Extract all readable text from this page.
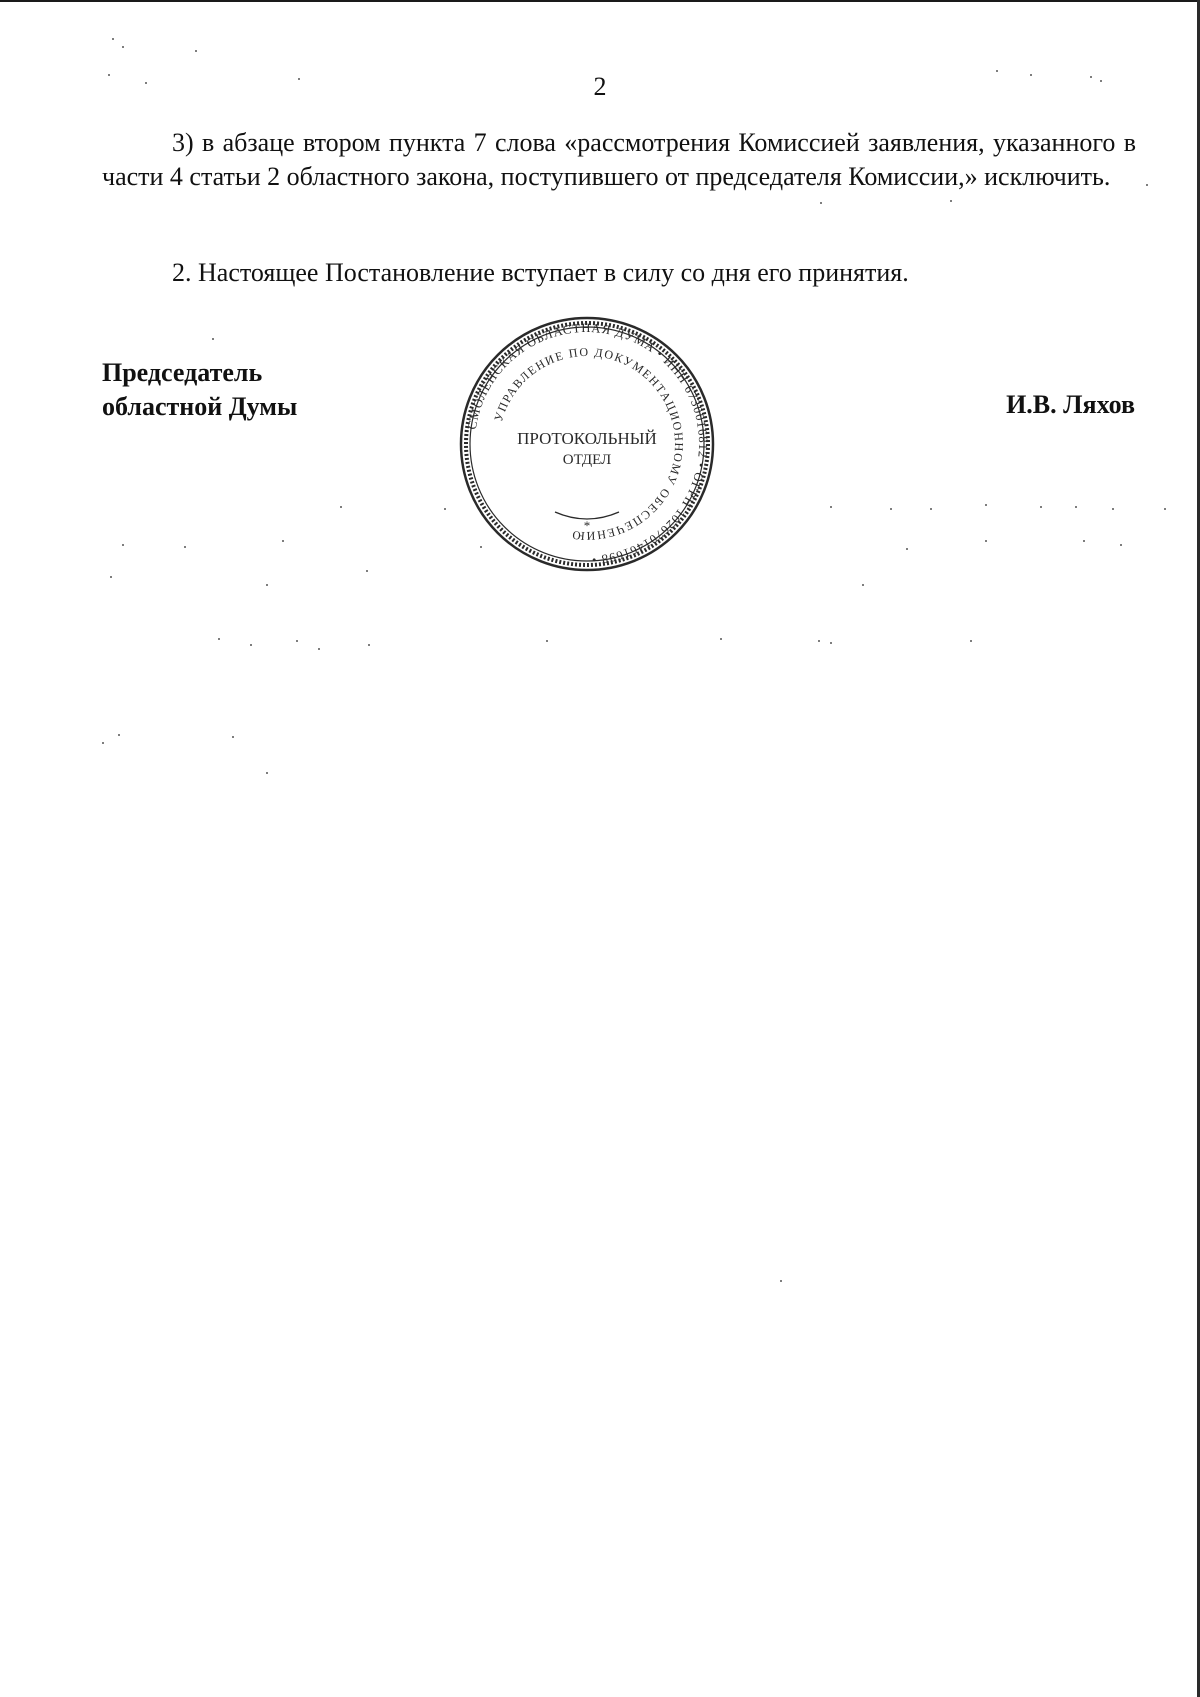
2

3) в абзаце втором пункта 7 слова «рассмотрения Комиссией заявления, указанного в части 4 статьи 2 областного закона, поступившего от председателя Комиссии,» исключить.

2. Настоящее Постановление вступает в силу со дня его принятия.

Председатель
областной Думы	И.В. Ляхов
СМОЛЕНСКАЯ ОБЛАСТНАЯ ДУМА • ИНН 6730016812 • ОГРН 1026701461698 •
УПРАВЛЕНИЕ ПО ДОКУМЕНТАЦИОННОМУ ОБЕСПЕЧЕНИЮ
ПРОТОКОЛЬНЫЙ
ОТДЕЛ
*
